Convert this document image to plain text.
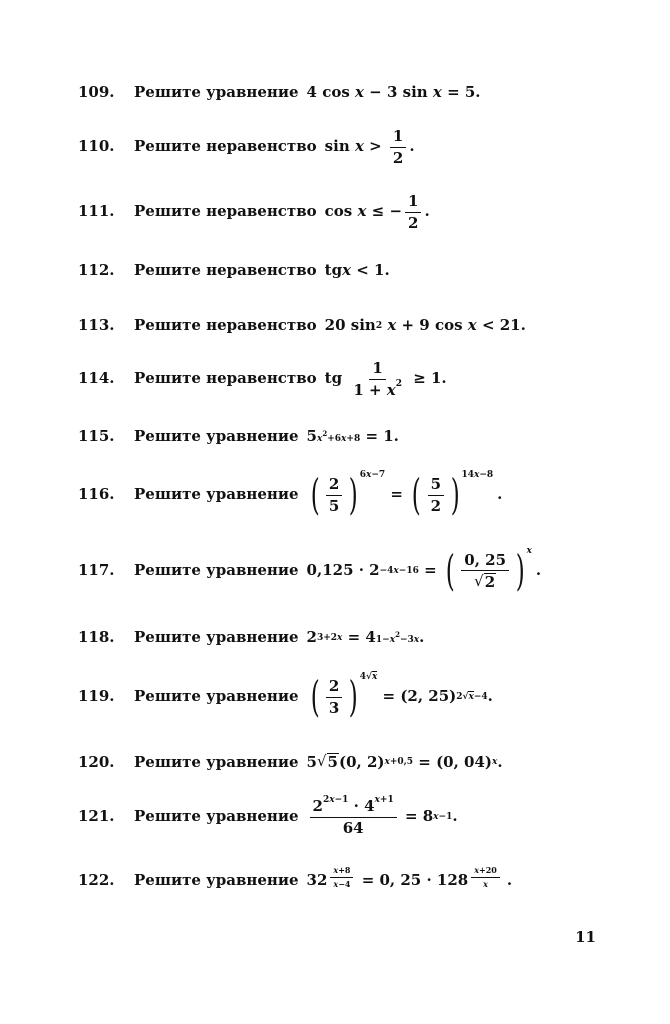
109.	Решите уравнение 4 cos x − 3 sin x = 5.
110.	Решите неравенство $\sin x > \frac{1}{2}$ .
111.	Решите неравенство cos x ≤ − $\frac{1}{2}$ .
112.	Решите неравенство tg x < 1.
113.	Решите неравенство 20 sin 2
x + 9 cos x < 21.
114.	Решите неравенство tg $\frac{1}{1 + x^2} \ge 1$.
115.	Решите уравнение 5 $x^2+6x+8 = 1$.
116.	Решите уравнение ( $\frac{2}{5}$ ) 6x−7
= ( $\frac{5}{2}$ ) 14x−8
.
117.	Решите уравнение 0,125 · 2 −4x−16 = ( $\frac{0, 25}{√ 2}$ ) x
.
118.	Решите уравнение 2 3+2x = 4 $1-x^2-3x$ .
119.	Решите уравнение ( $\frac{2}{3}$ ) 4√x
= (2, 25) 2√x−4 .
120.	Решите уравнение 5 √ 5 (0, 2) x+0,5 = (0, 04) x .
121.	Решите уравнение $\frac{2^{2x-1} \cdot 4^{x+1}}{64} = 8$ x−1 .
122.	Решите уравнение $32 \frac{x+8}{x-4} = 0$, $25 \cdot 128 \frac{x+20}{x}$ .
11
